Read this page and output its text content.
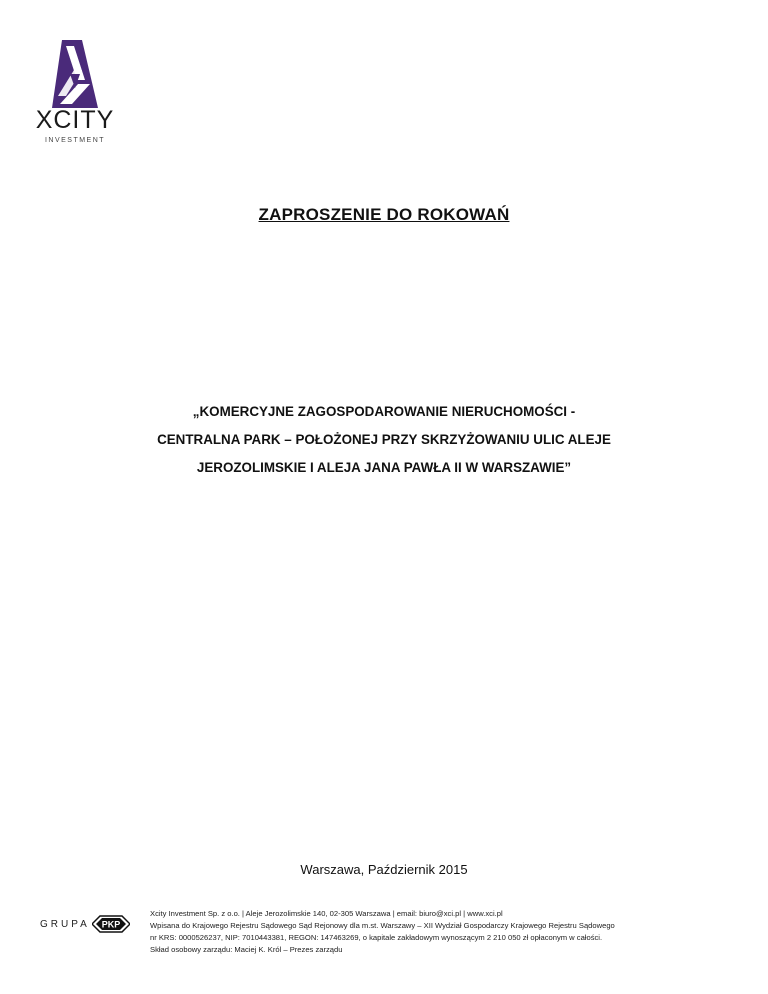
XCITY
INVESTMENT
ZAPROSZENIE DO ROKOWAŃ
„KOMERCYJNE ZAGOSPODAROWANIE NIERUCHOMOŚCI -
CENTRALNA PARK – POŁOŻONEJ PRZY SKRZYŻOWANIU ULIC ALEJE
JEROZOLIMSKIE I ALEJA JANA PAWŁA II W WARSZAWIE”
Warszawa, Październik 2015
GRUPA PKP
Xcity Investment Sp. z o.o. | Aleje Jerozolimskie 140, 02-305 Warszawa | email: biuro@xci.pl | www.xci.pl
Wpisana do Krajowego Rejestru Sądowego Sąd Rejonowy dla m.st. Warszawy – XII Wydział Gospodarczy Krajowego Rejestru Sądowego
nr KRS: 0000526237, NIP: 7010443381, REGON: 147463269, o kapitale zakładowym wynoszącym 2 210 050 zł opłaconym w całości.
Skład osobowy zarządu: Maciej K. Król – Prezes zarządu
